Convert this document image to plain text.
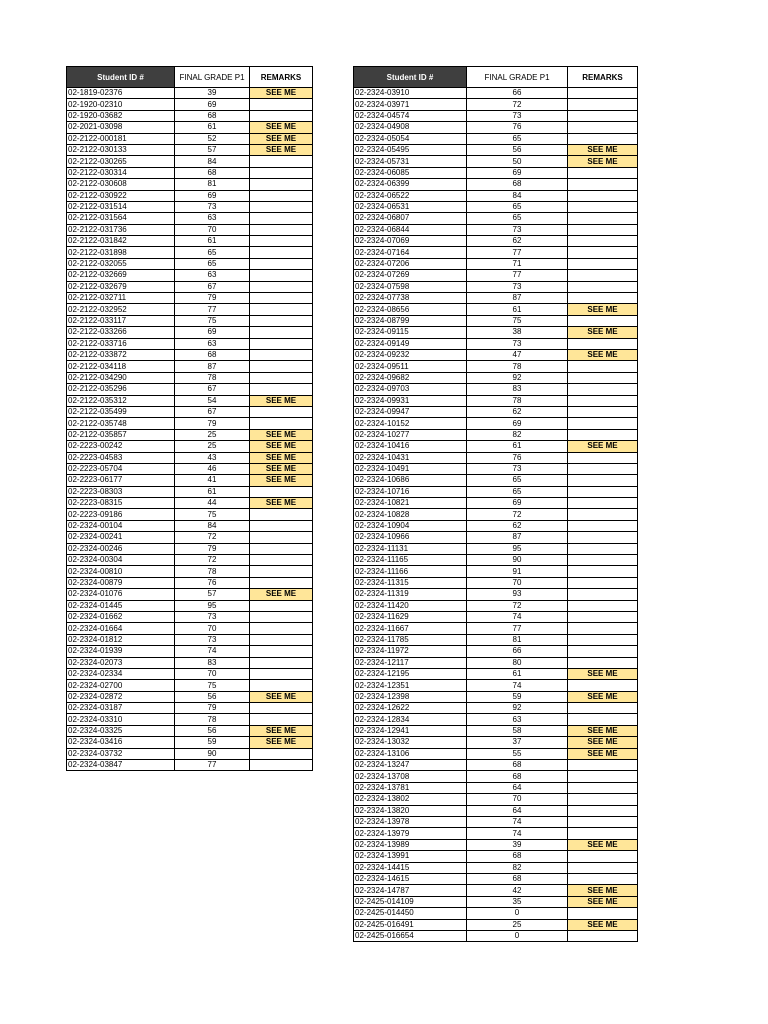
Student ID #	FINAL GRADE P1	REMARKS
02-1819-02376	39	SEE ME
02-1920-02310	69	
02-1920-03682	68	
02-2021-03098	61	SEE ME
02-2122-000181	52	SEE ME
02-2122-030133	57	SEE ME
02-2122-030265	84	
02-2122-030314	68	
02-2122-030608	81	
02-2122-030922	69	
02-2122-031514	73	
02-2122-031564	63	
02-2122-031736	70	
02-2122-031842	61	
02-2122-031898	65	
02-2122-032055	65	
02-2122-032669	63	
02-2122-032679	67	
02-2122-032711	79	
02-2122-032952	77	
02-2122-033117	75	
02-2122-033266	69	
02-2122-033716	63	
02-2122-033872	68	
02-2122-034118	87	
02-2122-034290	78	
02-2122-035296	67	
02-2122-035312	54	SEE ME
02-2122-035499	67	
02-2122-035748	79	
02-2122-035857	25	SEE ME
02-2223-00242	25	SEE ME
02-2223-04583	43	SEE ME
02-2223-05704	46	SEE ME
02-2223-06177	41	SEE ME
02-2223-08303	61	
02-2223-08315	44	SEE ME
02-2223-09186	75	
02-2324-00104	84	
02-2324-00241	72	
02-2324-00246	79	
02-2324-00304	72	
02-2324-00810	78	
02-2324-00879	76	
02-2324-01076	57	SEE ME
02-2324-01445	95	
02-2324-01662	73	
02-2324-01664	70	
02-2324-01812	73	
02-2324-01939	74	
02-2324-02073	83	
02-2324-02334	70	
02-2324-02700	75	
02-2324-02872	56	SEE ME
02-2324-03187	79	
02-2324-03310	78	
02-2324-03325	56	SEE ME
02-2324-03416	59	SEE ME
02-2324-03732	90	
02-2324-03847	77	
Student ID #	FINAL GRADE P1	REMARKS
02-2324-03910	66	
02-2324-03971	72	
02-2324-04574	73	
02-2324-04908	76	
02-2324-05054	65	
02-2324-05495	56	SEE ME
02-2324-05731	50	SEE ME
02-2324-06085	69	
02-2324-06399	68	
02-2324-06522	84	
02-2324-06531	65	
02-2324-06807	65	
02-2324-06844	73	
02-2324-07069	62	
02-2324-07164	77	
02-2324-07206	71	
02-2324-07269	77	
02-2324-07598	73	
02-2324-07738	87	
02-2324-08656	61	SEE ME
02-2324-08799	75	
02-2324-09115	38	SEE ME
02-2324-09149	73	
02-2324-09232	47	SEE ME
02-2324-09511	78	
02-2324-09682	92	
02-2324-09703	83	
02-2324-09931	78	
02-2324-09947	62	
02-2324-10152	69	
02-2324-10277	82	
02-2324-10416	61	SEE ME
02-2324-10431	76	
02-2324-10491	73	
02-2324-10686	65	
02-2324-10716	65	
02-2324-10821	69	
02-2324-10828	72	
02-2324-10904	62	
02-2324-10966	87	
02-2324-11131	95	
02-2324-11165	90	
02-2324-11166	91	
02-2324-11315	70	
02-2324-11319	93	
02-2324-11420	72	
02-2324-11629	74	
02-2324-11667	77	
02-2324-11785	81	
02-2324-11972	66	
02-2324-12117	80	
02-2324-12195	61	SEE ME
02-2324-12351	74	
02-2324-12398	59	SEE ME
02-2324-12622	92	
02-2324-12834	63	
02-2324-12941	58	SEE ME
02-2324-13032	37	SEE ME
02-2324-13106	55	SEE ME
02-2324-13247	68	
02-2324-13708	68	
02-2324-13781	64	
02-2324-13802	70	
02-2324-13820	64	
02-2324-13978	74	
02-2324-13979	74	
02-2324-13989	39	SEE ME
02-2324-13991	68	
02-2324-14415	82	
02-2324-14615	68	
02-2324-14787	42	SEE ME
02-2425-014109	35	SEE ME
02-2425-014450	0	
02-2425-016491	25	SEE ME
02-2425-016654	0	
